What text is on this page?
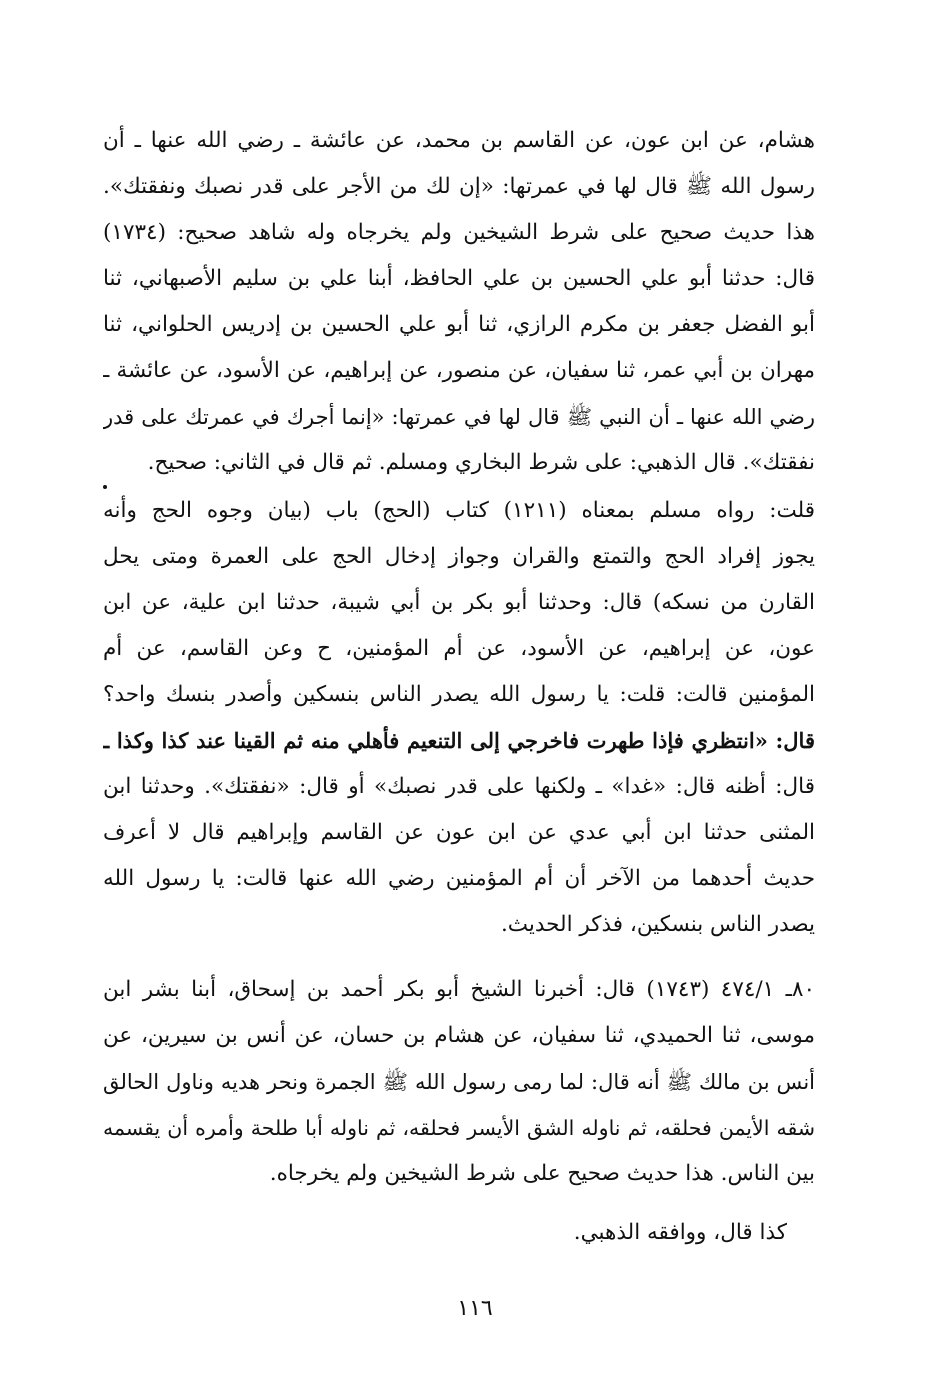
هشام، عن ابن عون، عن القاسم بن محمد، عن عائشة ـ رضي الله عنها ـ أن
رسول الله ﷺ قال لها في عمرتها: «إن لك من الأجر على قدر نصبك ونفقتك».
هذا حديث صحيح على شرط الشيخين ولم يخرجاه وله شاهد صحيح: (١٧٣٤)
قال: حدثنا أبو علي الحسين بن علي الحافظ، أبنا علي بن سليم الأصبهاني، ثنا
أبو الفضل جعفر بن مكرم الرازي، ثنا أبو علي الحسين بن إدريس الحلواني، ثنا
مهران بن أبي عمر، ثنا سفيان، عن منصور، عن إبراهيم، عن الأسود، عن عائشة ـ
رضي الله عنها ـ أن النبي ﷺ قال لها في عمرتها: «إنما أجرك في عمرتك على قدر
نفقتك». قال الذهبي: على شرط البخاري ومسلم. ثم قال في الثاني: صحيح.
قلت: رواه مسلم بمعناه (١٢١١) كتاب (الحج) باب (بيان وجوه الحج وأنه
يجوز إفراد الحج والتمتع والقران وجواز إدخال الحج على العمرة ومتى يحل
القارن من نسكه) قال: وحدثنا أبو بكر بن أبي شيبة، حدثنا ابن علية، عن ابن
عون، عن إبراهيم، عن الأسود، عن أم المؤمنين، ح وعن القاسم، عن أم
المؤمنين قالت: قلت: يا رسول الله يصدر الناس بنسكين وأصدر بنسك واحد؟
قال: «انتظري فإذا طهرت فاخرجي إلى التنعيم فأهلي منه ثم القينا عند كذا وكذا ـ
قال: أظنه قال: «غدا» ـ ولكنها على قدر نصبك» أو قال: «نفقتك». وحدثنا ابن
المثنى حدثنا ابن أبي عدي عن ابن عون عن القاسم وإبراهيم قال لا أعرف
حديث أحدهما من الآخر أن أم المؤمنين رضي الله عنها قالت: يا رسول الله
يصدر الناس بنسكين، فذكر الحديث.
٨٠ـ ٤٧٤/١ (١٧٤٣) قال: أخبرنا الشيخ أبو بكر أحمد بن إسحاق، أبنا بشر ابن
موسى، ثنا الحميدي، ثنا سفيان، عن هشام بن حسان، عن أنس بن سيرين، عن
أنس بن مالك ﷺ أنه قال: لما رمى رسول الله ﷺ الجمرة ونحر هديه وناول الحالق
شقه الأيمن فحلقه، ثم ناوله الشق الأيسر فحلقه، ثم ناوله أبا طلحة وأمره أن يقسمه
بين الناس. هذا حديث صحيح على شرط الشيخين ولم يخرجاه.
كذا قال، ووافقه الذهبي.
١١٦
